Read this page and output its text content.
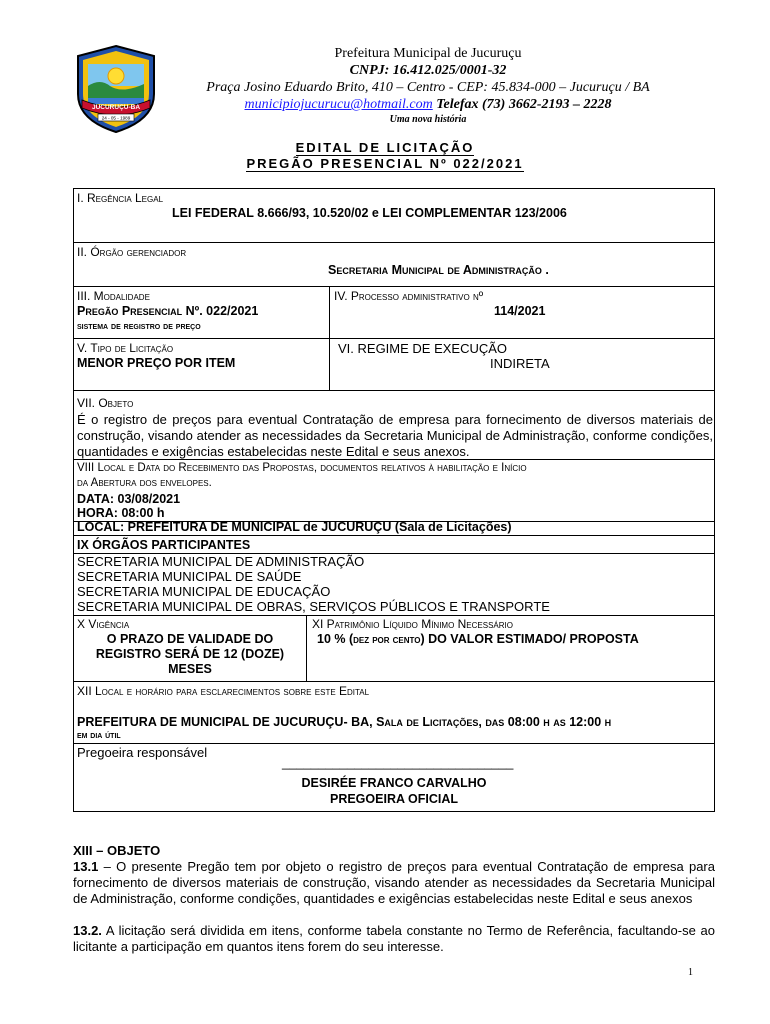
JUCURUÇU-BA
24 - 05 - 1989
Prefeitura Municipal de Jucuruçu
CNPJ: 16.412.025/0001-32
Praça Josino Eduardo Brito, 410 – Centro - CEP: 45.834-000 – Jucuruçu / BA
municipiojucurucu@hotmail.com Telefax (73) 3662-2193 – 2228
Uma nova história
EDITAL DE LICITAÇÃO
PREGÃO PRESENCIAL Nº 022/2021
I. Regência Legal
LEI FEDERAL 8.666/93, 10.520/02 e LEI COMPLEMENTAR 123/2006
II. Órgão gerenciador
Secretaria Municipal de Administração .
III. Modalidade
Pregão Presencial Nº. 022/2021
sistema de registro de preço
IV. Processo administrativo nº
114/2021
V. Tipo de Licitação
MENOR PREÇO POR ITEM
VI. REGIME DE EXECUÇÃO
INDIRETA
VII. Objeto
É o registro de preços para eventual Contratação de empresa para fornecimento de diversos materiais de construção, visando atender as necessidades da Secretaria Municipal de Administração, conforme condições, quantidades e exigências estabelecidas neste Edital e seus anexos.
VIII Local e Data do Recebimento das Propostas, documentos relativos à habilitação e Início
da Abertura dos envelopes.
DATA: 03/08/2021
HORA: 08:00 h
LOCAL: PREFEITURA DE MUNICIPAL de JUCURUÇU (Sala de Licitações)
IX ÓRGÃOS PARTICIPANTES
SECRETARIA MUNICIPAL DE ADMINISTRAÇÃO
SECRETARIA MUNICIPAL DE SAÚDE
SECRETARIA MUNICIPAL DE EDUCAÇÃO
SECRETARIA MUNICIPAL DE OBRAS, SERVIÇOS PÚBLICOS E TRANSPORTE
X Vigência
O PRAZO DE VALIDADE DO
REGISTRO SERÁ DE 12 (DOZE)
MESES
XI Patrimônio Líquido Mínimo Necessário
10 % (dez por cento) DO VALOR ESTIMADO/ PROPOSTA
XII Local e horário para esclarecimentos sobre este Edital
PREFEITURA DE MUNICIPAL DE JUCURUÇU- BA, Sala de Licitações, das 08:00 h as 12:00 h
em dia útil
Pregoeira responsável
________________________________
DESIRÉE FRANCO CARVALHO
PREGOEIRA OFICIAL
XIII – OBJETO
13.1 – O presente Pregão tem por objeto o registro de preços para eventual Contratação de empresa para fornecimento de diversos materiais de construção, visando atender as necessidades da Secretaria Municipal de Administração, conforme condições, quantidades e exigências estabelecidas neste Edital e seus anexos
13.2. A licitação será dividida em itens, conforme tabela constante no Termo de Referência, facultando-se ao licitante a participação em quantos itens forem do seu interesse.
1
